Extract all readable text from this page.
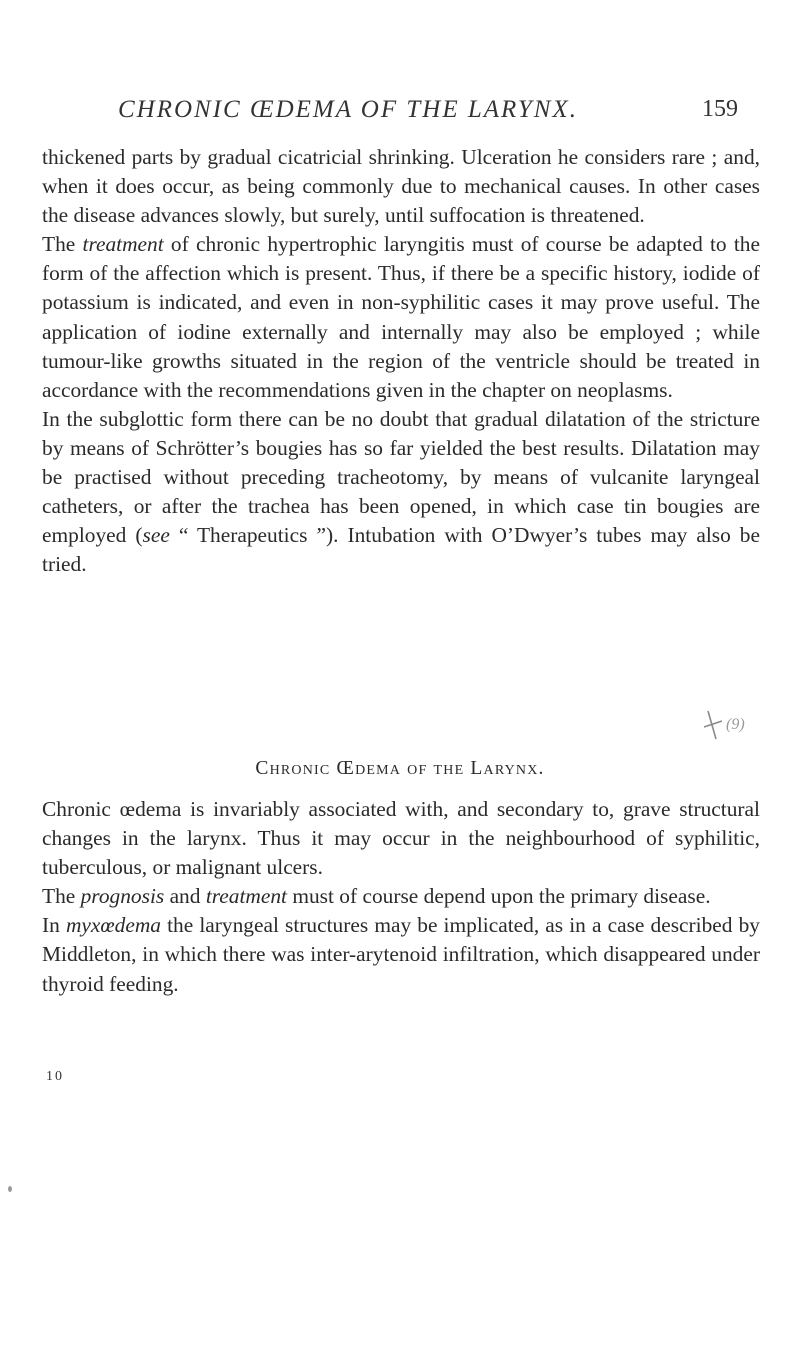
CHRONIC ŒDEMA OF THE LARYNX.	159

thickened parts by gradual cicatricial shrinking. Ulceration he considers rare ; and, when it does occur, as being commonly due to mechanical causes. In other cases the disease advances slowly, but surely, until suffocation is threatened.

The treatment of chronic hypertrophic laryngitis must of course be adapted to the form of the affection which is present. Thus, if there be a specific history, iodide of potassium is indicated, and even in non-syphilitic cases it may prove useful. The application of iodine externally and internally may also be employed ; while tumour-like growths situated in the region of the ventricle should be treated in accordance with the recommendations given in the chapter on neoplasms.

In the subglottic form there can be no doubt that gradual dilatation of the stricture by means of Schrötter’s bougies has so far yielded the best results. Dilatation may be practised without preceding tracheotomy, by means of vulcanite laryngeal catheters, or after the trachea has been opened, in which case tin bougies are employed (see “ Therapeutics ”). Intubation with O’Dwyer’s tubes may also be tried.

(9)
Chronic Œdema of the Larynx.

Chronic œdema is invariably associated with, and secondary to, grave structural changes in the larynx. Thus it may occur in the neighbourhood of syphilitic, tuberculous, or malignant ulcers.

The prognosis and treatment must of course depend upon the primary disease.

In myxœdema the laryngeal structures may be implicated, as in a case described by Middleton, in which there was inter-arytenoid infiltration, which disappeared under thyroid feeding.

10
